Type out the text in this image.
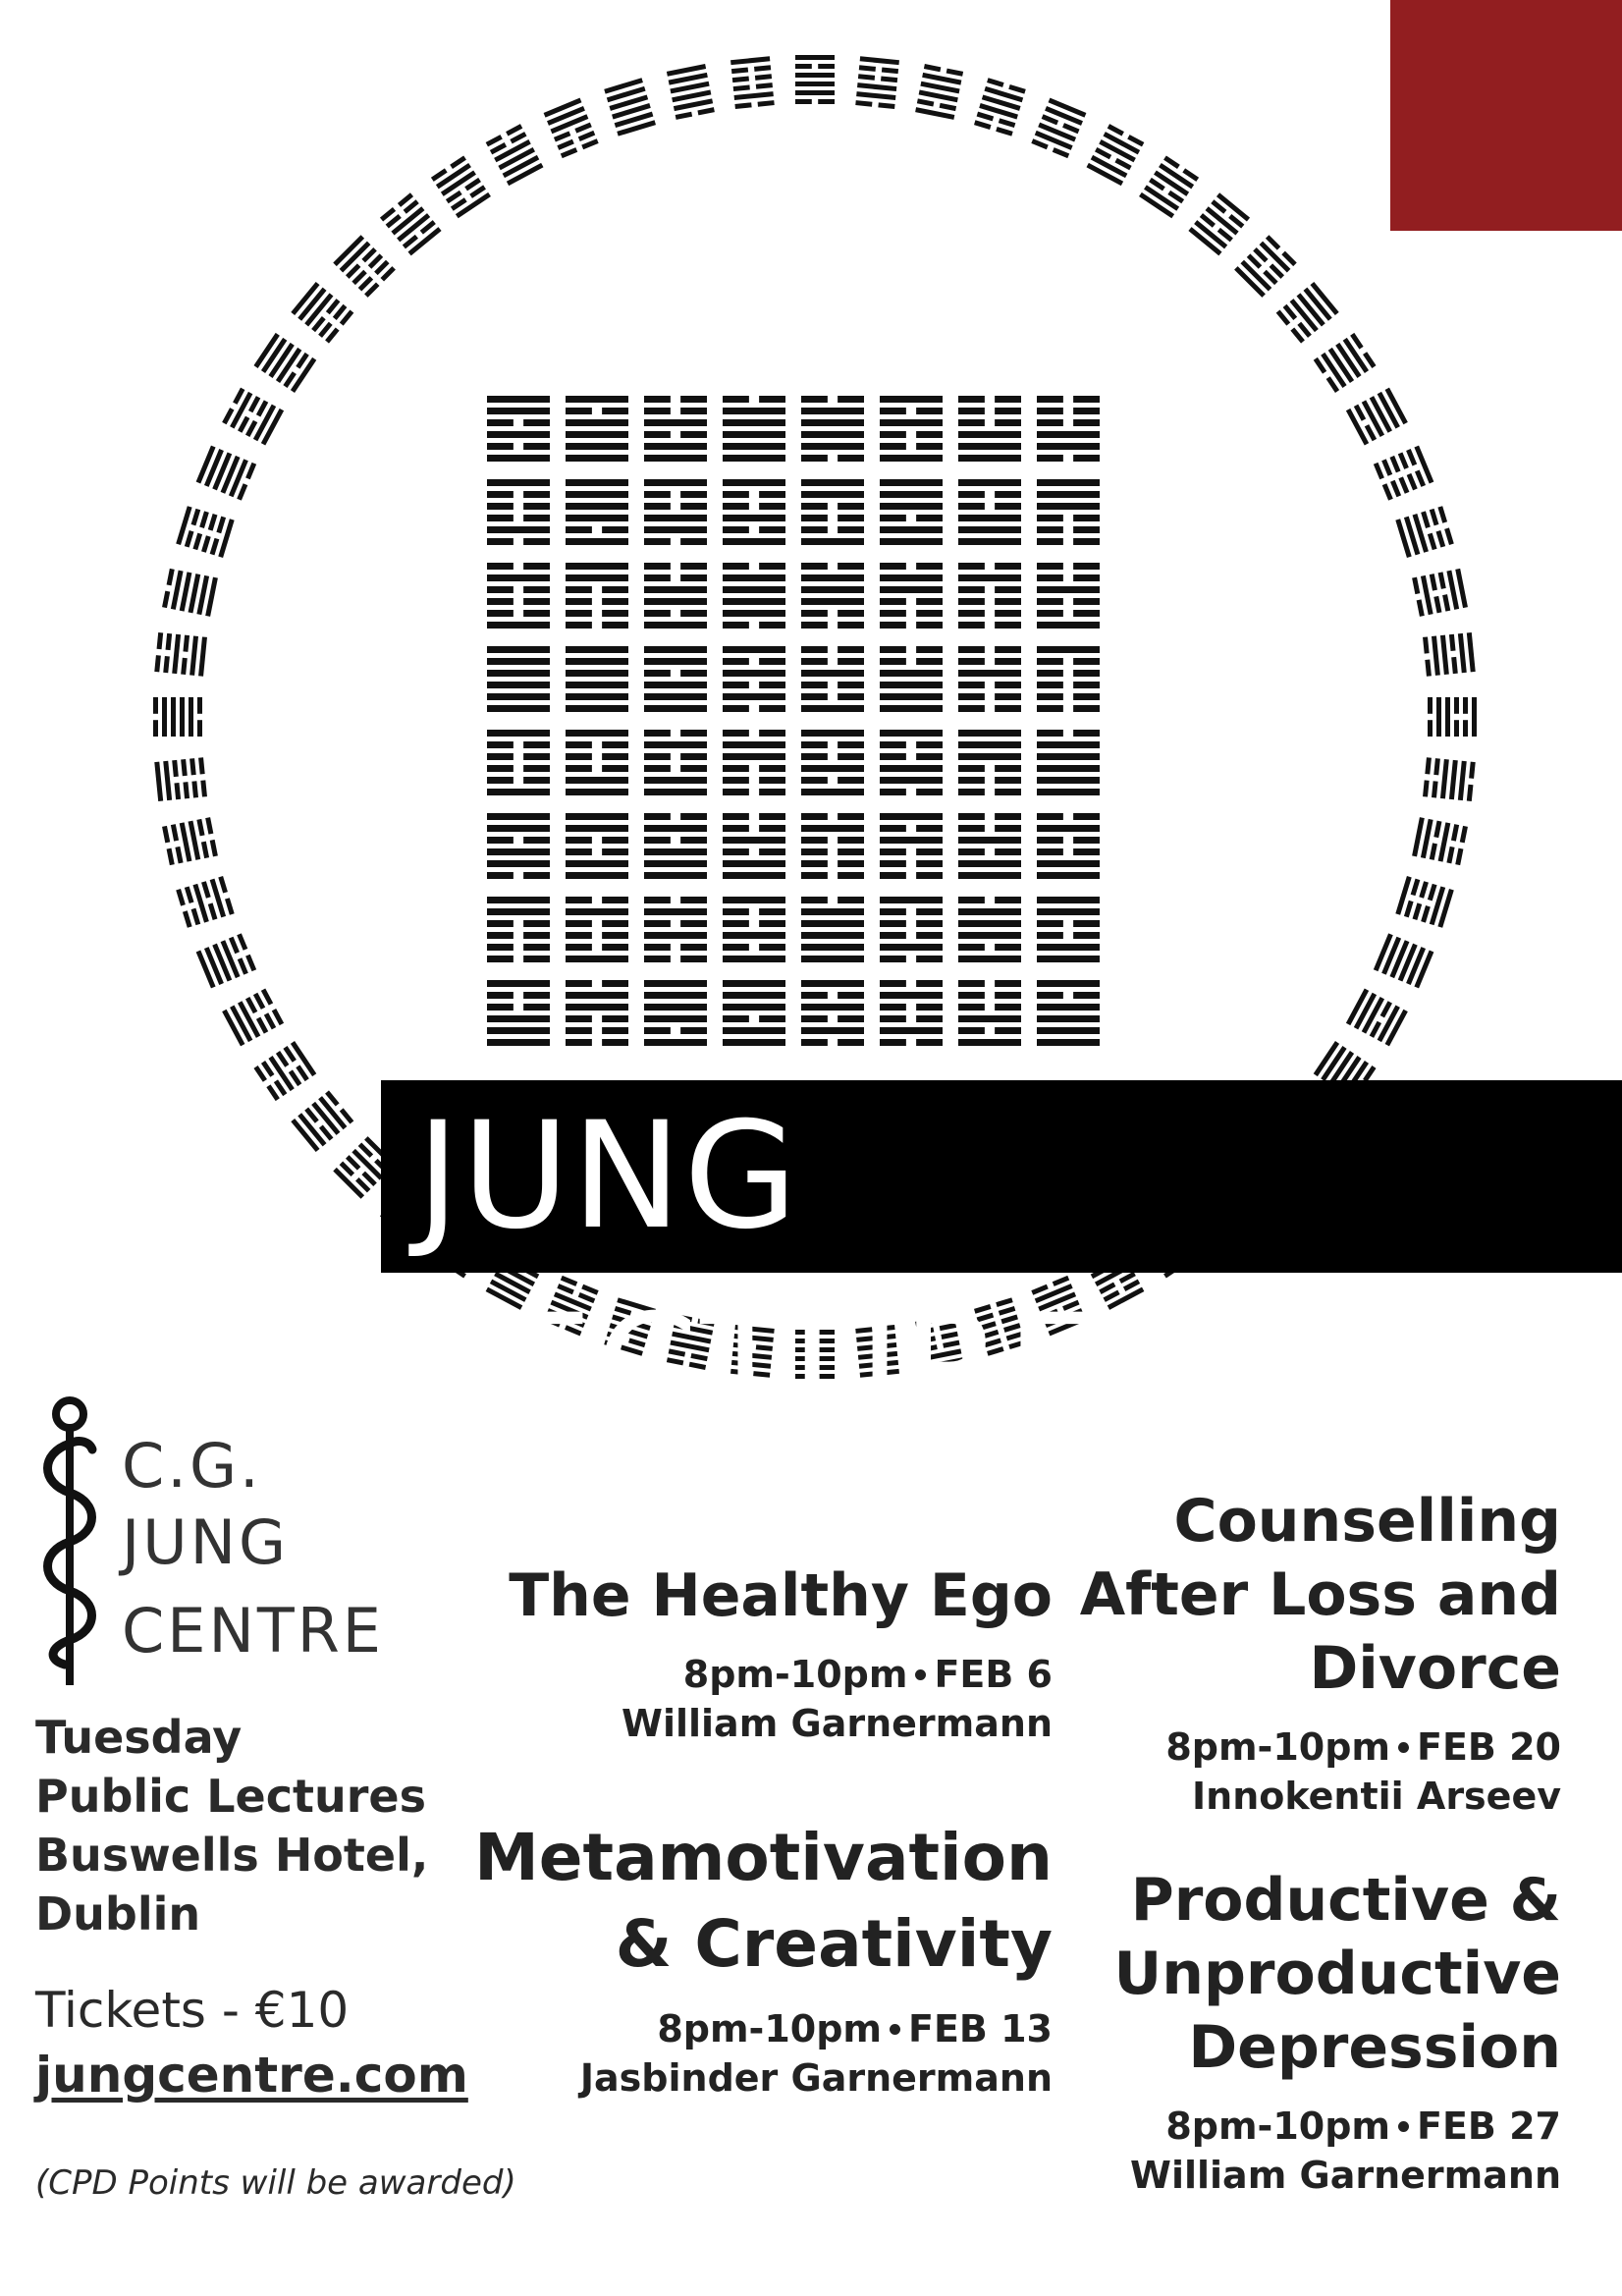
JUNG LECTURES
C.G.
JUNG
CENTRE
Tuesday
Public Lectures
Buswells Hotel,
Dublin
Tickets - €10
jungcentre.com
(CPD Points will be awarded)
The Healthy Ego
8pm-10pm FEB 6
William Garnermann
Metamotivation
& Creativity
8pm-10pm FEB 13
Jasbinder Garnermann
Counselling
After Loss and
Divorce
8pm-10pm FEB 20
Innokentii Arseev
Productive &
Unproductive
Depression
8pm-10pm FEB 27
William Garnermann
